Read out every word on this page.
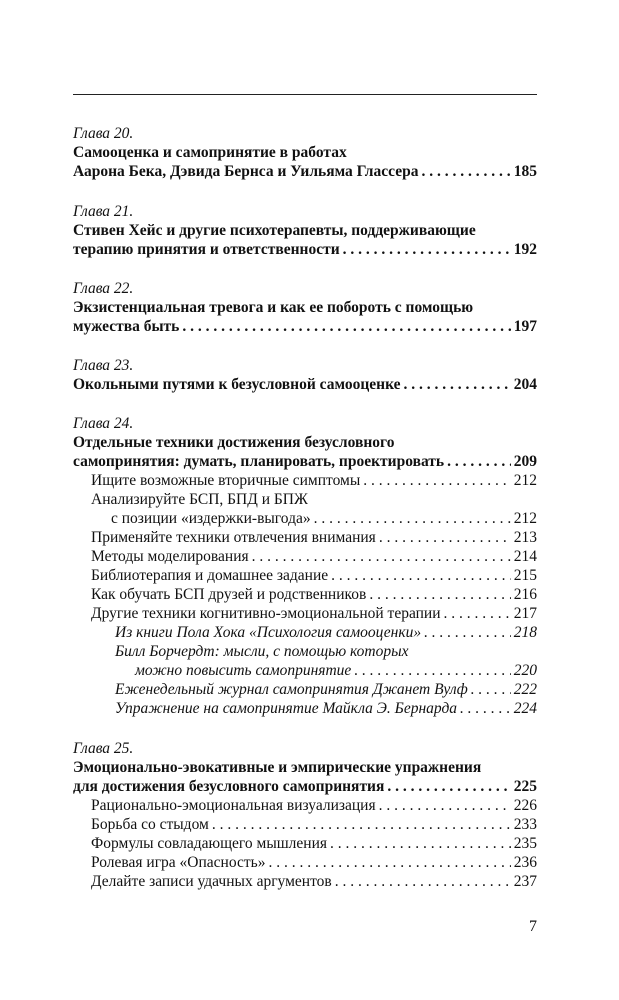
Глава 20.
Самооценка и самопринятие в работах
Аарона Бека, Дэвида Бернса и Уильяма Глассера . . .	185
Глава 21.
Стивен Хейс и другие психотерапевты, поддерживающие
терапию принятия и ответственности . . .	192
Глава 22.
Экзистенциальная тревога и как ее побороть с помощью
мужества быть . . .	197
Глава 23.
Окольными путями к безусловной самооценке . . .	204
Глава 24.
Отдельные техники достижения безусловного
самопринятия: думать, планировать, проектировать . . .	209
Ищите возможные вторичные симптомы . . .	212
Анализируйте БСП, БПД и БПЖ
с позиции «издержки-выгода» . . .	212
Применяйте техники отвлечения внимания . . .	213
Методы моделирования . . .	214
Библиотерапия и домашнее задание . . .	215
Как обучать БСП друзей и родственников . . .	216
Другие техники когнитивно-эмоциональной терапии . . .	217
Из книги Пола Хока «Психология самооценки» . . .	218
Билл Борчердт: мысли, с помощью которых
можно повысить самопринятие . . .	220
Еженедельный журнал самопринятия Джанет Вулф . . .	222
Упражнение на самопринятие Майкла Э. Бернарда . . .	224
Глава 25.
Эмоционально-эвокативные и эмпирические упражнения
для достижения безусловного самопринятия . . .	225
Рационально-эмоциональная визуализация . . .	226
Борьба со стыдом . . .	233
Формулы совладающего мышления . . .	235
Ролевая игра «Опасность» . . .	236
Делайте записи удачных аргументов . . .	237
7
